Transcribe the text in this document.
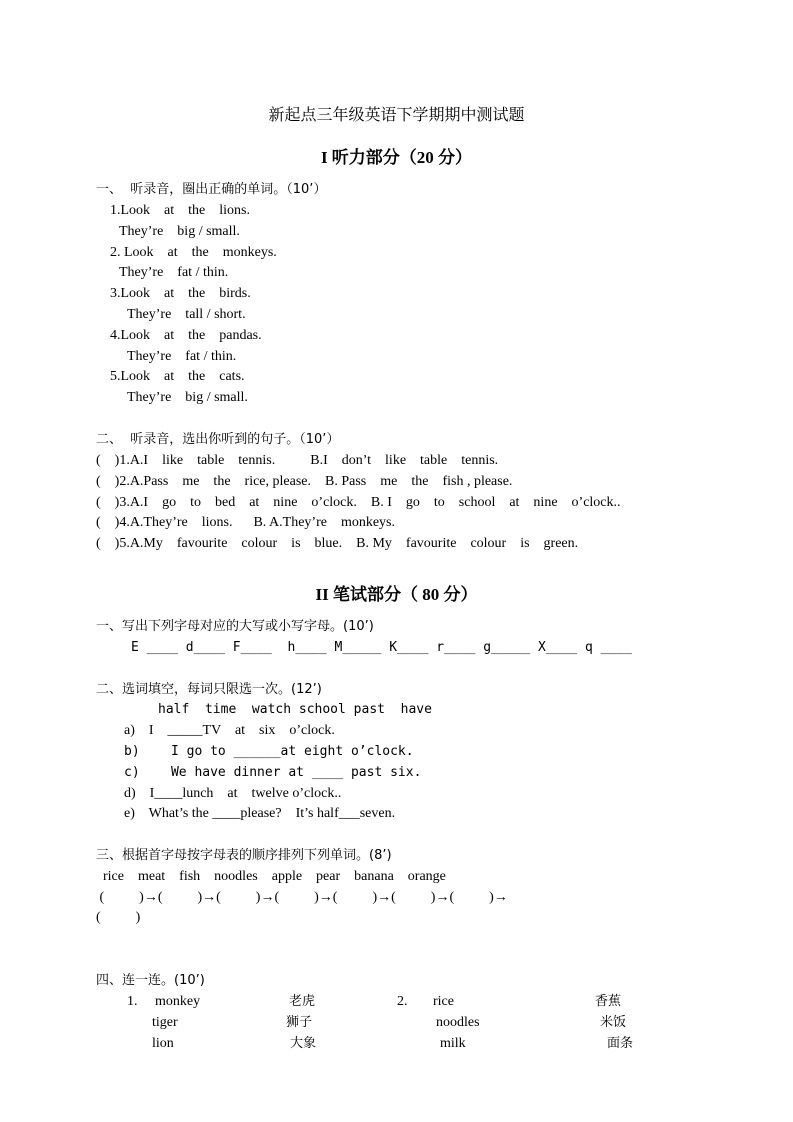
新起点三年级英语下学期期中测试题
I 听力部分（20 分）
一、  听录音，圈出正确的单词。（10’）
1.Look    at    the    lions.
They’re    big / small.
2. Look    at    the    monkeys.
They’re    fat / thin.
3.Look    at    the    birds.
They’re    tall / short.
4.Look    at    the    pandas.
They’re    fat / thin.
5.Look    at    the    cats.
They’re    big / small.
二、  听录音，选出你听到的句子。（10’）
(    )1.A.I    like    table    tennis.          B.I    don’t    like    table    tennis.
(    )2.A.Pass    me    the    rice, please.    B. Pass    me    the    fish , please.
(    )3.A.I    go    to    bed    at    nine    o’clock.    B. I    go    to    school    at    nine    o’clock..
(    )4.A.They’re    lions.      B. A.They’re    monkeys.
(    )5.A.My    favourite    colour    is    blue.    B. My    favourite    colour    is    green.
II 笔试部分（ 80 分）
一、写出下列字母对应的大写或小写字母。(10’)
E ____ d____ F____  h____ M_____ K____ r____ g_____ X____ q ____
二、选词填空，每词只限选一次。(12’)
half  time  watch school past  have
a)    I    _____TV    at    six    o’clock.
b)    I go to ______at eight o’clock.
c)    We have dinner at ____ past six.
d)    I____lunch    at    twelve o’clock..
e)    What’s the ____please?    It’s half___seven.
三、根据首字母按字母表的顺序排列下列单词。(8’)
rice    meat    fish    noodles    apple    pear    banana    orange
(          )→(          )→(          )→(          )→(          )→(          )→(          )→
(          )
四、连一连。(10’)
1. monkey
tiger
lion
老虎
狮子
大象
2. rice
noodles
milk
香蕉
米饭
面条
